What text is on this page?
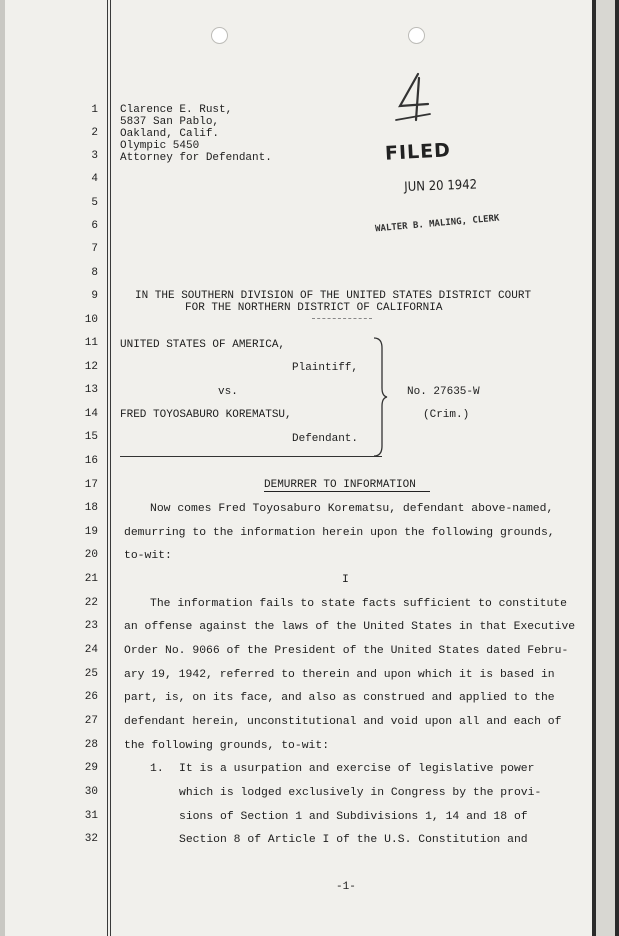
1
2
3
4
5
6
7
8
9
10
11
12
13
14
15
16
17
18
19
20
21
22
23
24
25
26
27
28
29
30
31
32
Clarence E. Rust,
5837 San Pablo,
Oakland, Calif.
Olympic 5450
Attorney for Defendant.	FILED
JUN 20 1942
WALTER B. MALING, CLERK
IN THE SOUTHERN DIVISION OF THE UNITED STATES DISTRICT COURT
FOR THE NORTHERN DISTRICT OF CALIFORNIA
UNITED STATES OF AMERICA,
Plaintiff,
vs.
FRED TOYOSABURO KOREMATSU,
Defendant.
No. 27635-W
(Crim.)
DEMURRER TO INFORMATION
Now comes Fred Toyosaburo Korematsu, defendant above-named,
demurring to the information herein upon the following grounds,
to-wit:
I
The information fails to state facts sufficient to constitute
an offense against the laws of the United States in that Executive
Order No. 9066 of the President of the United States dated Febru-
ary 19, 1942, referred to therein and upon which it is based in
part, is, on its face, and also as construed and applied to the
defendant herein, unconstitutional and void upon all and each of
the following grounds, to-wit:
1. It is a usurpation and exercise of legislative power
which is lodged exclusively in Congress by the provi-
sions of Section 1 and Subdivisions 1, 14 and 18 of
Section 8 of Article I of the U.S. Constitution and
-1-
